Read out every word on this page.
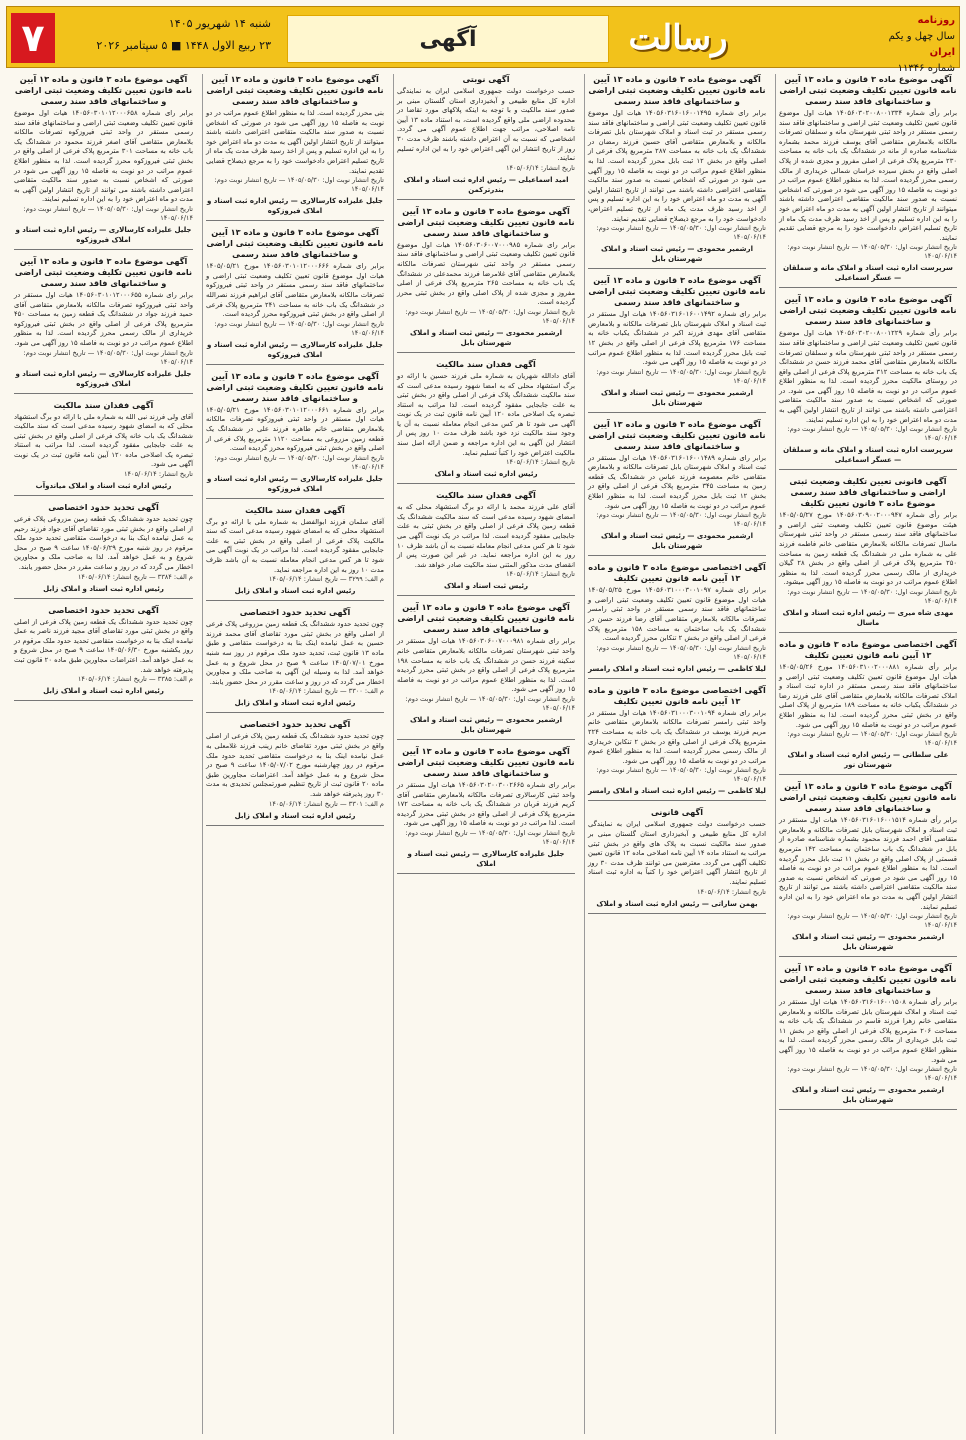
۷	شنبه ۱۴ شهریور ۱۴۰۵
۲۳ ربیع الاول ۱۴۴۸ ■ ۵ سپتامبر ۲۰۲۶	آگهی	رسالت	روزنامه
سال چهل و یکم
ایران
شماره ۱۱۳۴۶
آگهی موضوع ماده ۳ قانون و ماده ۱۳ آیین نامه قانون تعیین تکلیف وضعیت ثبتی اراضی و ساختمانهای فاقد سند رسمی

برابر رأی شماره ۱۴۰۵۶۰۳۰۲۰۰۸۰۰۱۳۳۴ هیات اول موضوع قانون تعیین تکلیف وضعیت ثبتی اراضی و ساختمانهای فاقد سند رسمی مستقر در واحد ثبتی شهرستان مانه و سملقان تصرفات مالکانه بلامعارض متقاضی آقای یوسف فرزند محمد بشماره شناسنامه صادره از مانه در ششدانگ یک باب خانه به مساحت ۲۳۰ مترمربع پلاک فرعی از اصلی مفروز و مجزی شده از پلاک اصلی واقع در بخش سیزده خراسان شمالی خریداری از مالک رسمی محرز گردیده است. لذا به منظور اطلاع عموم مراتب در دو نوبت به فاصله ۱۵ روز آگهی می شود در صورتی که اشخاص نسبت به صدور سند مالکیت متقاضی اعتراضی داشته باشند میتوانند از تاریخ انتشار اولین آگهی به مدت دو ماه اعتراض خود را به این اداره تسلیم و پس از اخذ رسید ظرف مدت یک ماه از تاریخ تسلیم اعتراض دادخواست خود را به مرجع قضایی تقدیم نمایند.

تاریخ انتشار نوبت اول: ۱۴۰۵/۰۵/۳۰ — تاریخ انتشار نوبت دوم: ۱۴۰۵/۰۶/۱۴
سرپرست اداره ثبت اسناد و املاک مانه و سملقان — عسگر اسماعیلی
آگهی موضوع ماده ۳ قانون و ماده ۱۳ آیین نامه قانون تعیین تکلیف وضعیت ثبتی اراضی و ساختمانهای فاقد سند رسمی

برابر رأی شماره ۱۴۰۵۶۰۳۰۲۰۰۸۰۰۱۲۲۹ هیات اول موضوع قانون تعیین تکلیف وضعیت ثبتی اراضی و ساختمانهای فاقد سند رسمی مستقر در واحد ثبتی شهرستان مانه و سملقان تصرفات مالکانه بلامعارض متقاضی آقای محمد فرزند حسن در ششدانگ یک باب خانه به مساحت ۳۱۲ مترمربع پلاک فرعی از اصلی واقع در روستای مالکیت محرز گردیده است. لذا به منظور اطلاع عموم مراتب در دو نوبت به فاصله ۱۵ روز آگهی می شود. در صورتی که اشخاص نسبت به صدور سند مالکیت متقاضی اعتراضی داشته باشند می توانند از تاریخ انتشار اولین آگهی به مدت دو ماه اعتراض خود را به این اداره تسلیم نمایند.

تاریخ انتشار نوبت اول: ۱۴۰۵/۰۵/۳۰ — تاریخ انتشار نوبت دوم: ۱۴۰۵/۰۶/۱۴
سرپرست اداره ثبت اسناد و املاک مانه و سملقان — عسگر اسماعیلی
آگهی قانونی تعیین تکلیف وضعیت ثبتی اراضی و ساختمانهای فاقد سند رسمی موضوع ماده ۳ قانون تعیین تکلیف

برابر رأی شماره ۱۴۰۵۶۰۳۰۹۰۰۲۰۰۰۹۴۷ مورخ ۱۴۰۵/۰۵/۲۷ هیئت موضوع قانون تعیین تکلیف وضعیت ثبتی اراضی و ساختمانهای فاقد سند رسمی مستقر در واحد ثبتی شهرستان ماسال تصرفات مالکانه بلامعارض متقاضی خانم فاطمه فرزند علی به شماره ملی در ششدانگ یک قطعه زمین به مساحت ۲۵۰ مترمربع پلاک فرعی از اصلی واقع در بخش ۲۸ گیلان خریداری از مالک رسمی محرز گردیده است. لذا به منظور اطلاع عموم مراتب در دو نوبت به فاصله ۱۵ روز آگهی میشود.

تاریخ انتشار نوبت اول: ۱۴۰۵/۰۵/۳۰ — تاریخ انتشار نوبت دوم: ۱۴۰۵/۰۶/۱۴
مهدی شاه میری — رئیس اداره ثبت اسناد و املاک ماسال
آگهی اختصاصی موضوع ماده ۳ قانون و ماده ۱۳ آیین نامه قانون تعیین تکلیف

برابر رأی شماره ۱۴۰۵۶۰۳۱۰۰۲۰۰۰۸۸۱ مورخ ۱۴۰۵/۰۵/۲۶ هیأت اول موضوع قانون تعیین تکلیف وضعیت ثبتی اراضی و ساختمانهای فاقد سند رسمی مستقر در اداره ثبت اسناد و املاک تصرفات مالکانه بلامعارض متقاضی آقای علی فرزند رضا در ششدانگ یکباب خانه به مساحت ۱۸۹ مترمربع از پلاک اصلی واقع در بخش ثبتی محرز گردیده است. لذا به منظور اطلاع عموم مراتب در دو نوبت به فاصله ۱۵ روز آگهی می شود.

تاریخ انتشار نوبت اول: ۱۴۰۵/۰۵/۳۰ — تاریخ انتشار نوبت دوم: ۱۴۰۵/۰۶/۱۴
علی سلطانی — رئیس اداره ثبت اسناد و املاک شهرستان نور
آگهی موضوع ماده ۳ قانون و ماده ۱۳ آیین نامه قانون تعیین تکلیف وضعیت ثبتی اراضی و ساختمانهای فاقد سند رسمی

برابر رأی شماره ۱۴۰۵۶۰۳۱۶۰۱۶۰۰۱۵۱۴ هیات اول مستقر در ثبت اسناد و املاک شهرستان بابل تصرفات مالکانه و بلامعارض متقاضی آقای احمد فرزند محمود بشماره شناسنامه صادره از بابل در ششدانگ یک باب ساختمان به مساحت ۱۴۲ مترمربع قسمتی از پلاک اصلی واقع در بخش ۱۱ ثبت بابل محرز گردیده است. لذا به منظور اطلاع عموم مراتب در دو نوبت به فاصله ۱۵ روز آگهی می شود در صورتی که اشخاص نسبت به صدور سند مالکیت متقاضی اعتراضی داشته باشند می توانند از تاریخ انتشار اولین آگهی به مدت دو ماه اعتراض خود را به این اداره تسلیم نمایند.

تاریخ انتشار نوبت اول: ۱۴۰۵/۰۵/۳۰ — تاریخ انتشار نوبت دوم: ۱۴۰۵/۰۶/۱۴
ارشمیر محمودی — رئیس ثبت اسناد و املاک شهرستان بابل
آگهی موضوع ماده ۳ قانون و ماده ۱۳ آیین نامه قانون تعیین تکلیف وضعیت ثبتی اراضی و ساختمانهای فاقد سند رسمی

برابر رأی شماره ۱۴۰۵۶۰۳۱۶۰۱۶۰۰۱۵۰۸ هیات اول مستقر در ثبت اسناد و املاک شهرستان بابل تصرفات مالکانه و بلامعارض متقاضی خانم زهرا فرزند قاسم در ششدانگ یک باب خانه به مساحت ۲۰۶ مترمربع پلاک فرعی از اصلی واقع در بخش ۱۱ ثبت بابل خریداری از مالک رسمی محرز گردیده است. لذا به منظور اطلاع عموم مراتب در دو نوبت به فاصله ۱۵ روز آگهی می شود.

تاریخ انتشار نوبت اول: ۱۴۰۵/۰۵/۳۰ — تاریخ انتشار نوبت دوم: ۱۴۰۵/۰۶/۱۴
ارشمیر محمودی — رئیس ثبت اسناد و املاک شهرستان بابل
آگهی موضوع ماده ۳ قانون و ماده ۱۳ آیین نامه قانون تعیین تکلیف وضعیت ثبتی اراضی و ساختمانهای فاقد سند رسمی

برابر رای شماره ۱۴۰۵۶۰۳۱۶۰۱۶۰۰۱۴۹۵ هیات اول موضوع قانون تعیین تکلیف وضعیت ثبتی اراضی و ساختمانهای فاقد سند رسمی مستقر در ثبت اسناد و املاک شهرستان بابل تصرفات مالکانه و بلامعارض متقاضی آقای حسین فرزند رمضان در ششدانگ یک باب خانه به مساحت ۲۸۷ مترمربع پلاک فرعی از اصلی واقع در بخش ۱۲ ثبت بابل محرز گردیده است. لذا به منظور اطلاع عموم مراتب در دو نوبت به فاصله ۱۵ روز آگهی می شود در صورتی که اشخاص نسبت به صدور سند مالکیت متقاضی اعتراضی داشته باشند می توانند از تاریخ انتشار اولین آگهی به مدت دو ماه اعتراض خود را به این اداره تسلیم و پس از اخذ رسید ظرف مدت یک ماه از تاریخ تسلیم اعتراض، دادخواست خود را به مرجع ذیصلاح قضایی تقدیم نمایند.

تاریخ انتشار نوبت اول: ۱۴۰۵/۰۵/۳۰ — تاریخ انتشار نوبت دوم: ۱۴۰۵/۰۶/۱۴
ارشمیر محمودی — رئیس ثبت اسناد و املاک شهرستان بابل
آگهی موضوع ماده ۳ قانون و ماده ۱۳ آیین نامه قانون تعیین تکلیف وضعیت ثبتی اراضی و ساختمانهای فاقد سند رسمی

برابر رای شماره ۱۴۰۵۶۰۳۱۶۰۱۶۰۰۱۴۹۲ هیات اول مستقر در ثبت اسناد و املاک شهرستان بابل تصرفات مالکانه و بلامعارض متقاضی آقای مهدی فرزند اکبر در ششدانگ یکباب خانه به مساحت ۱۷۶ مترمربع پلاک فرعی از اصلی واقع در بخش ۱۲ ثبت بابل محرز گردیده است. لذا به منظور اطلاع عموم مراتب در دو نوبت به فاصله ۱۵ روز آگهی می شود.

تاریخ انتشار نوبت اول: ۱۴۰۵/۰۵/۳۰ — تاریخ انتشار نوبت دوم: ۱۴۰۵/۰۶/۱۴
ارشمیر محمودی — رئیس ثبت اسناد و املاک شهرستان بابل
آگهی موضوع ماده ۳ قانون و ماده ۱۳ آیین نامه قانون تعیین تکلیف وضعیت ثبتی اراضی و ساختمانهای فاقد سند رسمی

برابر رای شماره ۱۴۰۵۶۰۳۱۶۰۱۶۰۰۱۴۸۹ هیات اول مستقر در ثبت اسناد و املاک شهرستان بابل تصرفات مالکانه و بلامعارض متقاضی خانم معصومه فرزند عباس در ششدانگ یک قطعه زمین به مساحت ۳۴۵ مترمربع پلاک فرعی از اصلی واقع در بخش ۱۲ ثبت بابل محرز گردیده است. لذا به منظور اطلاع عموم مراتب در دو نوبت به فاصله ۱۵ روز آگهی می شود.

تاریخ انتشار نوبت اول: ۱۴۰۵/۰۵/۳۰ — تاریخ انتشار نوبت دوم: ۱۴۰۵/۰۶/۱۴
ارشمیر محمودی — رئیس ثبت اسناد و املاک شهرستان بابل
آگهی اختصاصی موضوع ماده ۳ قانون و ماده ۱۳ آیین نامه قانون تعیین تکلیف

برابر رای شماره ۱۴۰۵۶۰۳۱۰۰۰۳۰۰۱۰۹۷ مورخ ۱۴۰۵/۰۵/۲۵ هیات اول موضوع قانون تعیین تکلیف وضعیت ثبتی اراضی و ساختمانهای فاقد سند رسمی مستقر در واحد ثبتی رامسر تصرفات مالکانه بلامعارض متقاضی آقای رضا فرزند حسن در ششدانگ یک باب ساختمان به مساحت ۱۵۸ مترمربع پلاک فرعی از اصلی واقع در بخش ۲ تنکابن محرز گردیده است.

تاریخ انتشار نوبت اول: ۱۴۰۵/۰۵/۳۰ — تاریخ انتشار نوبت دوم: ۱۴۰۵/۰۶/۱۴
لیلا کاظمی — رئیس اداره ثبت اسناد و املاک رامسر
آگهی اختصاصی موضوع ماده ۳ قانون و ماده ۱۳ آیین نامه قانون تعیین تکلیف

برابر رای شماره ۱۴۰۵۶۰۳۱۰۰۰۳۰۰۱۰۹۴ هیات اول مستقر در واحد ثبتی رامسر تصرفات مالکانه بلامعارض متقاضی خانم مریم فرزند یوسف در ششدانگ یک باب خانه به مساحت ۲۲۴ مترمربع پلاک فرعی از اصلی واقع در بخش ۲ تنکابن خریداری از مالک رسمی محرز گردیده است. لذا به منظور اطلاع عموم مراتب در دو نوبت به فاصله ۱۵ روز آگهی می شود.

تاریخ انتشار نوبت اول: ۱۴۰۵/۰۵/۳۰ — تاریخ انتشار نوبت دوم: ۱۴۰۵/۰۶/۱۴
لیلا کاظمی — رئیس اداره ثبت اسناد و املاک رامسر
آگهی قانونی

حسب درخواست دولت جمهوری اسلامی ایران به نمایندگی اداره کل منابع طبیعی و آبخیزداری استان گلستان مبنی بر صدور سند مالکیت نسبت به پلاک های واقع در بخش ثبتی مراتب به استناد ماده ۱۴ آیین نامه اصلاحی ماده ۱۲ قانون تعیین تکلیف آگهی می گردد. معترضین می توانند ظرف مدت ۳۰ روز از تاریخ انتشار آگهی اعتراض خود را کتباً به اداره ثبت اسناد تسلیم نمایند.

تاریخ انتشار: ۱۴۰۵/۰۶/۱۴
بهمن ساراتی — رئیس اداره ثبت اسناد و املاک
آگهی نوبتی

حسب درخواست دولت جمهوری اسلامی ایران به نمایندگی اداره کل منابع طبیعی و آبخیزداری استان گلستان مبنی بر صدور سند مالکیت و با توجه به اینکه پلاکهای مورد تقاضا در محدوده اراضی ملی واقع گردیده است، به استناد ماده ۱۳ آیین نامه اصلاحی، مراتب جهت اطلاع عموم آگهی می گردد. اشخاصی که نسبت به آن اعتراض داشته باشند ظرف مدت ۳۰ روز از تاریخ انتشار این آگهی اعتراض خود را به این اداره تسلیم نمایند.

تاریخ انتشار: ۱۴۰۵/۰۶/۱۴
امید اسماعیلی — رئیس اداره ثبت اسناد و املاک بندرترکمن
آگهی موضوع ماده ۳ قانون و ماده ۱۳ آیین نامه قانون تعیین تکلیف وضعیت ثبتی اراضی و ساختمانهای فاقد سند رسمی

برابر رای شماره ۱۴۰۵۶۰۳۰۶۰۰۷۰۰۰۹۸۵ هیات اول موضوع قانون تعیین تکلیف وضعیت ثبتی اراضی و ساختمانهای فاقد سند رسمی مستقر در واحد ثبتی شهرستان تصرفات مالکانه بلامعارض متقاضی آقای غلامرضا فرزند محمدعلی در ششدانگ یک باب خانه به مساحت ۲۶۵ مترمربع پلاک فرعی از اصلی مفروز و مجزی شده از پلاک اصلی واقع در بخش ثبتی محرز گردیده است.

تاریخ انتشار نوبت اول: ۱۴۰۵/۰۵/۳۰ — تاریخ انتشار نوبت دوم: ۱۴۰۵/۰۶/۱۴
ارشمیر محمودی — رئیس ثبت اسناد و املاک شهرستان بابل
آگهی فقدان سند مالکیت

آقای دادالله شهریان به شماره ملی فرزند حسین با ارائه دو برگ استشهاد محلی که به امضا شهود رسیده مدعی است که سند مالکیت ششدانگ پلاک فرعی از اصلی واقع در بخش ثبتی به علت جابجایی مفقود گردیده است. لذا مراتب به استناد تبصره یک اصلاحی ماده ۱۲۰ آیین نامه قانون ثبت در یک نوبت آگهی می شود تا هر کس مدعی انجام معامله نسبت به آن یا وجود سند مالکیت نزد خود باشد ظرف مدت ۱۰ روز پس از انتشار این آگهی به این اداره مراجعه و ضمن ارائه اصل سند مالکیت اعتراض خود را کتباً تسلیم نماید.

تاریخ انتشار: ۱۴۰۵/۰۶/۱۴
رئیس اداره ثبت اسناد و املاک
آگهی فقدان سند مالکیت

آقای علی فرزند محمد با ارائه دو برگ استشهاد محلی که به امضای شهود رسیده مدعی است که سند مالکیت ششدانگ یک قطعه زمین پلاک فرعی از اصلی واقع در بخش ثبتی به علت جابجایی مفقود گردیده است. لذا مراتب در یک نوبت آگهی می شود تا هر کس مدعی انجام معامله نسبت به آن باشد ظرف ۱۰ روز به این اداره مراجعه نماید. در غیر این صورت پس از انقضای مدت مذکور المثنی سند مالکیت صادر خواهد شد.

تاریخ انتشار: ۱۴۰۵/۰۶/۱۴
رئیس ثبت اسناد و املاک
آگهی موضوع ماده ۳ قانون و ماده ۱۳ آیین نامه قانون تعیین تکلیف وضعیت ثبتی اراضی و ساختمانهای فاقد سند رسمی

برابر رای شماره ۱۴۰۵۶۰۳۰۶۰۰۷۰۰۰۹۸۱ هیات اول مستقر در واحد ثبتی شهرستان تصرفات مالکانه بلامعارض متقاضی خانم سکینه فرزند حسن در ششدانگ یک باب خانه به مساحت ۱۹۸ مترمربع پلاک فرعی از اصلی واقع در بخش ثبتی محرز گردیده است. لذا به منظور اطلاع عموم مراتب در دو نوبت به فاصله ۱۵ روز آگهی می شود.

تاریخ انتشار نوبت اول: ۱۴۰۵/۰۵/۳۰ — تاریخ انتشار نوبت دوم: ۱۴۰۵/۰۶/۱۴
ارشمیر محمودی — رئیس ثبت اسناد و املاک شهرستان بابل
آگهی موضوع ماده ۳ قانون و ماده ۱۳ آیین نامه قانون تعیین تکلیف وضعیت ثبتی اراضی و ساختمانهای فاقد سند رسمی

برابر رای شماره ۱۴۰۵۶۰۳۰۲۰۰۳۰۰۲۶۶۵ هیات اول مستقر در واحد ثبتی کارسالاری تصرفات مالکانه بلامعارض متقاضی آقای کریم فرزند قربان در ششدانگ یک باب خانه به مساحت ۱۷۲ مترمربع پلاک فرعی از اصلی واقع در بخش ثبتی محرز گردیده است. لذا مراتب در دو نوبت به فاصله ۱۵ روز آگهی می شود.

تاریخ انتشار نوبت اول: ۱۴۰۵/۰۵/۳۰ — تاریخ انتشار نوبت دوم: ۱۴۰۵/۰۶/۱۴
جلیل علیزاده کارسالاری — رئیس ثبت اسناد و املاک
آگهی موضوع ماده ۳ قانون و ماده ۱۳ آیین نامه قانون تعیین تکلیف وضعیت ثبتی اراضی و ساختمانهای فاقد سند رسمی

بنی محرز گردیده است. لذا به منظور اطلاع عموم مراتب در دو نوبت به فاصله ۱۵ روز آگهی می شود در صورتی که اشخاص نسبت به صدور سند مالکیت متقاضی اعتراضی داشته باشند میتوانند از تاریخ انتشار اولین آگهی به مدت دو ماه اعتراض خود را به این اداره تسلیم و پس از اخذ رسید ظرف مدت یک ماه از تاریخ تسلیم اعتراض دادخواست خود را به مرجع ذیصلاح قضایی تقدیم نمایند.

تاریخ انتشار نوبت اول: ۱۴۰۵/۰۵/۳۰ — تاریخ انتشار نوبت دوم: ۱۴۰۵/۰۶/۱۴
جلیل علیزاده کارسالاری — رئیس اداره ثبت اسناد و املاک فیروزکوه
آگهی موضوع ماده ۳ قانون و ماده ۱۳ آیین نامه قانون تعیین تکلیف وضعیت ثبتی اراضی و ساختمانهای فاقد سند رسمی

برابر رای شماره ۱۴۰۵۶۰۳۰۱۰۱۲۰۰۰۶۶۶ مورخ ۱۴۰۵/۰۵/۲۱ هیات اول موضوع قانون تعیین تکلیف وضعیت ثبتی اراضی و ساختمانهای فاقد سند رسمی مستقر در واحد ثبتی فیروزکوه تصرفات مالکانه بلامعارض متقاضی آقای ابراهیم فرزند نصرالله در ششدانگ یک باب خانه به مساحت ۲۴۱ مترمربع پلاک فرعی از اصلی واقع در بخش ثبتی فیروزکوه محرز گردیده است.

تاریخ انتشار نوبت اول: ۱۴۰۵/۰۵/۳۰ — تاریخ انتشار نوبت دوم: ۱۴۰۵/۰۶/۱۴
جلیل علیزاده کارسالاری — رئیس اداره ثبت اسناد و املاک فیروزکوه
آگهی موضوع ماده ۳ قانون و ماده ۱۳ آیین نامه قانون تعیین تکلیف وضعیت ثبتی اراضی و ساختمانهای فاقد سند رسمی

برابر رای شماره ۱۴۰۵۶۰۳۰۱۰۱۲۰۰۰۶۶۱ مورخ ۱۴۰۵/۰۵/۲۱ هیات اول مستقر در واحد ثبتی فیروزکوه تصرفات مالکانه بلامعارض متقاضی خانم طاهره فرزند علی در ششدانگ یک قطعه زمین مزروعی به مساحت ۱۱۲۰ مترمربع پلاک فرعی از اصلی واقع در بخش ثبتی فیروزکوه محرز گردیده است.

تاریخ انتشار نوبت اول: ۱۴۰۵/۰۵/۳۰ — تاریخ انتشار نوبت دوم: ۱۴۰۵/۰۶/۱۴
جلیل علیزاده کارسالاری — رئیس اداره ثبت اسناد و املاک فیروزکوه
آگهی فقدان سند مالکیت

آقای سلمان فرزند ابوالفضل به شماره ملی با ارائه دو برگ استشهاد محلی که به امضای شهود رسیده مدعی است که سند مالکیت پلاک فرعی از اصلی واقع در بخش ثبتی به علت جابجایی مفقود گردیده است. لذا مراتب در یک نوبت آگهی می شود تا هر کس مدعی انجام معامله نسبت به آن باشد ظرف مدت ۱۰ روز به این اداره مراجعه نماید.

م الف: ۳۲۹۹ — تاریخ انتشار: ۱۴۰۵/۰۶/۱۴
رئیس اداره ثبت اسناد و املاک زابل
آگهی تحدید حدود اختصاصی

چون تحدید حدود ششدانگ یک قطعه زمین مزروعی پلاک فرعی از اصلی واقع در بخش ثبتی مورد تقاضای آقای محمد فرزند حسین به عمل نیامده اینک بنا به درخواست متقاضی و طبق ماده ۱۳ قانون ثبت، تحدید حدود ملک مرقوم در روز سه شنبه مورخ ۱۴۰۵/۰۷/۰۱ ساعت ۹ صبح در محل شروع و به عمل خواهد آمد. لذا به وسیله این آگهی به صاحب ملک و مجاورین اخطار می گردد که در روز و ساعت مقرر در محل حضور یابند.

م الف: ۳۳۰۰ — تاریخ انتشار: ۱۴۰۵/۰۶/۱۴
رئیس اداره ثبت اسناد و املاک زابل
آگهی تحدید حدود اختصاصی

چون تحدید حدود ششدانگ یک قطعه زمین پلاک فرعی از اصلی واقع در بخش ثبتی مورد تقاضای خانم زینب فرزند غلامعلی به عمل نیامده اینک بنا به درخواست متقاضی تحدید حدود ملک مرقوم در روز چهارشنبه مورخ ۱۴۰۵/۰۷/۰۲ ساعت ۹ صبح در محل شروع و به عمل خواهد آمد. اعتراضات مجاورین طبق ماده ۲۰ قانون ثبت از تاریخ تنظیم صورتمجلس تحدیدی به مدت ۳۰ روز پذیرفته خواهد شد.

م الف: ۳۳۰۱ — تاریخ انتشار: ۱۴۰۵/۰۶/۱۴
رئیس اداره ثبت اسناد و املاک زابل
آگهی موضوع ماده ۳ قانون و ماده ۱۳ آیین نامه قانون تعیین تکلیف وضعیت ثبتی اراضی و ساختمانهای فاقد سند رسمی

برابر رای شماره ۱۴۰۵۶۰۳۰۱۰۱۲۰۰۰۶۵۸ هیات اول موضوع قانون تعیین تکلیف وضعیت ثبتی اراضی و ساختمانهای فاقد سند رسمی مستقر در واحد ثبتی فیروزکوه تصرفات مالکانه بلامعارض متقاضی آقای اصغر فرزند محمود در ششدانگ یک باب خانه به مساحت ۳۰۱ مترمربع پلاک فرعی از اصلی واقع در بخش ثبتی فیروزکوه محرز گردیده است. لذا به منظور اطلاع عموم مراتب در دو نوبت به فاصله ۱۵ روز آگهی می شود در صورتی که اشخاص نسبت به صدور سند مالکیت متقاضی اعتراضی داشته باشند می توانند از تاریخ انتشار اولین آگهی به مدت دو ماه اعتراض خود را به این اداره تسلیم نمایند.

تاریخ انتشار نوبت اول: ۱۴۰۵/۰۵/۳۰ — تاریخ انتشار نوبت دوم: ۱۴۰۵/۰۶/۱۴
جلیل علیزاده کارسالاری — رئیس اداره ثبت اسناد و املاک فیروزکوه
آگهی موضوع ماده ۳ قانون و ماده ۱۳ آیین نامه قانون تعیین تکلیف وضعیت ثبتی اراضی و ساختمانهای فاقد سند رسمی

برابر رای شماره ۱۴۰۵۶۰۳۰۱۰۱۲۰۰۰۶۵۵ هیات اول مستقر در واحد ثبتی فیروزکوه تصرفات مالکانه بلامعارض متقاضی آقای حمید فرزند جواد در ششدانگ یک قطعه زمین به مساحت ۴۵۰ مترمربع پلاک فرعی از اصلی واقع در بخش ثبتی فیروزکوه خریداری از مالک رسمی محرز گردیده است. لذا به منظور اطلاع عموم مراتب در دو نوبت به فاصله ۱۵ روز آگهی می شود.

تاریخ انتشار نوبت اول: ۱۴۰۵/۰۵/۳۰ — تاریخ انتشار نوبت دوم: ۱۴۰۵/۰۶/۱۴
جلیل علیزاده کارسالاری — رئیس اداره ثبت اسناد و املاک فیروزکوه
آگهی فقدان سند مالکیت

آقای ولی فرزند نبی الله به شماره ملی با ارائه دو برگ استشهاد محلی که به امضای شهود رسیده مدعی است که سند مالکیت ششدانگ یک باب خانه پلاک فرعی از اصلی واقع در بخش ثبتی به علت جابجایی مفقود گردیده است. لذا مراتب به استناد تبصره یک اصلاحی ماده ۱۲۰ آیین نامه قانون ثبت در یک نوبت آگهی می شود.

تاریخ انتشار: ۱۴۰۵/۰۶/۱۴
رئیس اداره ثبت اسناد و املاک میاندوآب
آگهی تحدید حدود اختصاصی

چون تحدید حدود ششدانگ یک قطعه زمین مزروعی پلاک فرعی از اصلی واقع در بخش ثبتی مورد تقاضای آقای جواد فرزند رحیم به عمل نیامده اینک بنا به درخواست متقاضی تحدید حدود ملک مرقوم در روز شنبه مورخ ۱۴۰۵/۰۶/۲۹ ساعت ۹ صبح در محل شروع و به عمل خواهد آمد. لذا به صاحب ملک و مجاورین اخطار می گردد که در روز و ساعت مقرر در محل حضور یابند.

م الف: ۳۳۸۴ — تاریخ انتشار: ۱۴۰۵/۰۶/۱۴
رئیس اداره ثبت اسناد و املاک زابل
آگهی تحدید حدود اختصاصی

چون تحدید حدود ششدانگ یک قطعه زمین پلاک فرعی از اصلی واقع در بخش ثبتی مورد تقاضای آقای مجید فرزند ناصر به عمل نیامده اینک بنا به درخواست متقاضی تحدید حدود ملک مرقوم در روز یکشنبه مورخ ۱۴۰۵/۰۶/۳۰ ساعت ۹ صبح در محل شروع و به عمل خواهد آمد. اعتراضات مجاورین طبق ماده ۲۰ قانون ثبت پذیرفته خواهد شد.

م الف: ۳۳۸۵ — تاریخ انتشار: ۱۴۰۵/۰۶/۱۴
رئیس اداره ثبت اسناد و املاک زابل
